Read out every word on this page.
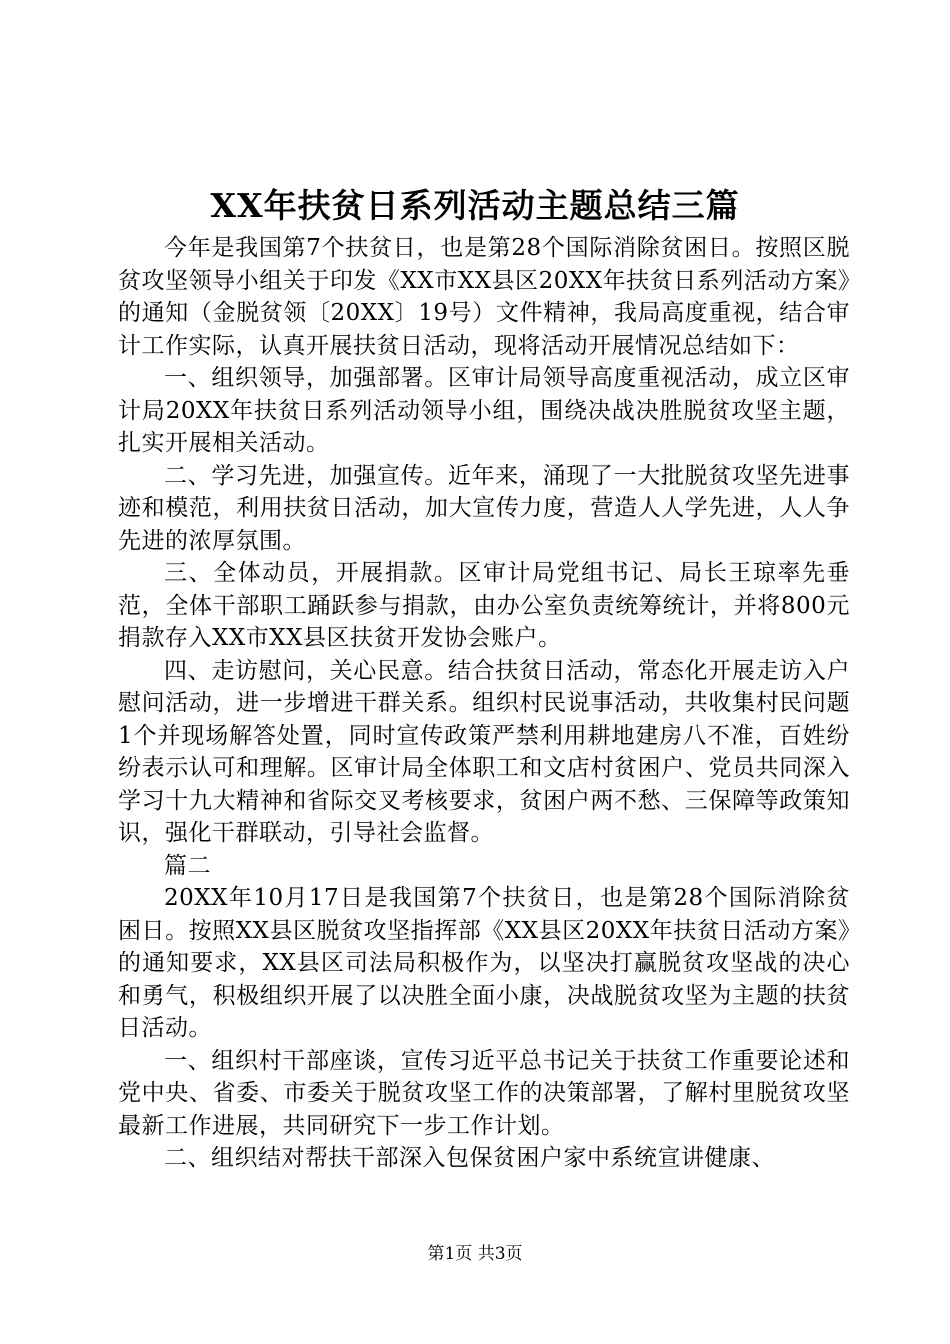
XX年扶贫日系列活动主题总结三篇

今年是我国第7个扶贫日，也是第28个国际消除贫困日。按照区脱贫攻坚领导小组关于印发《XX市XX县区20XX年扶贫日系列活动方案》的通知（金脱贫领〔20XX〕19号）文件精神，我局高度重视，结合审计工作实际，认真开展扶贫日活动，现将活动开展情况总结如下：

一、组织领导，加强部署。区审计局领导高度重视活动，成立区审计局20XX年扶贫日系列活动领导小组，围绕决战决胜脱贫攻坚主题，扎实开展相关活动。

二、学习先进，加强宣传。近年来，涌现了一大批脱贫攻坚先进事迹和模范，利用扶贫日活动，加大宣传力度，营造人人学先进，人人争先进的浓厚氛围。

三、全体动员，开展捐款。区审计局党组书记、局长王琼率先垂范，全体干部职工踊跃参与捐款，由办公室负责统筹统计，并将800元捐款存入XX市XX县区扶贫开发协会账户。

四、走访慰问，关心民意。结合扶贫日活动，常态化开展走访入户慰问活动，进一步增进干群关系。组织村民说事活动，共收集村民问题1个并现场解答处置，同时宣传政策严禁利用耕地建房八不准，百姓纷纷表示认可和理解。区审计局全体职工和文店村贫困户、党员共同深入学习十九大精神和省际交叉考核要求，贫困户两不愁、三保障等政策知识，强化干群联动，引导社会监督。

篇二

20XX年10月17日是我国第7个扶贫日，也是第28个国际消除贫困日。按照XX县区脱贫攻坚指挥部《XX县区20XX年扶贫日活动方案》的通知要求，XX县区司法局积极作为，以坚决打赢脱贫攻坚战的决心和勇气，积极组织开展了以决胜全面小康，决战脱贫攻坚为主题的扶贫日活动。

一、组织村干部座谈，宣传习近平总书记关于扶贫工作重要论述和党中央、省委、市委关于脱贫攻坚工作的决策部署，了解村里脱贫攻坚最新工作进展，共同研究下一步工作计划。

二、组织结对帮扶干部深入包保贫困户家中系统宣讲健康、

第1页 共3页
